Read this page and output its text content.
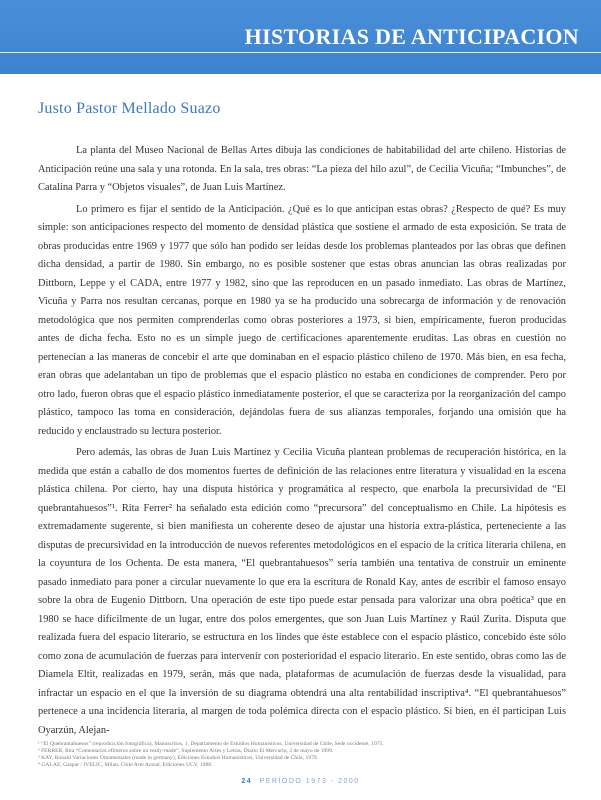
HISTORIAS DE ANTICIPACION
Justo Pastor Mellado Suazo

La planta del Museo Nacional de Bellas Artes dibuja las condiciones de habitabilidad del arte chileno. Historias de Anticipación reúne una sala y una rotonda. En la sala, tres obras: “La pieza del hilo azul”, de Cecilia Vicuña; “Imbunches”, de Catalina Parra y “Objetos visuales”, de Juan Luis Martínez.

Lo primero es fijar el sentido de la Anticipación. ¿Qué es lo que anticipan estas obras? ¿Respecto de qué? Es muy simple: son anticipaciones respecto del momento de densidad plástica que sostiene el armado de esta exposición. Se trata de obras producidas entre 1969 y 1977 que sólo han podido ser leídas desde los problemas planteados por las obras que definen dicha densidad, a partir de 1980. Sin embargo, no es posible sostener que estas obras anuncian las obras realizadas por Dittborn, Leppe y el CADA, entre 1977 y 1982, sino que las reproducen en un pasado inmediato. Las obras de Martínez, Vicuña y Parra nos resultan cercanas, porque en 1980 ya se ha producido una sobrecarga de información y de renovación metodológica que nos permiten comprenderlas como obras posteriores a 1973, si bien, empíricamente, fueron producidas antes de dicha fecha. Esto no es un simple juego de certificaciones aparentemente eruditas. Las obras en cuestión no pertenecían a las maneras de concebir el arte que dominaban en el espacio plástico chileno de 1970. Más bien, en esa fecha, eran obras que adelantaban un tipo de problemas que el espacio plástico no estaba en condiciones de comprender. Pero por otro lado, fueron obras que el espacio plástico inmediatamente posterior, el que se caracteriza por la reorganización del campo plástico, tampoco las toma en consideración, dejándolas fuera de sus alianzas temporales, forjando una omisión que ha reducido y enclaustrado su lectura posterior.

Pero además, las obras de Juan Luis Martínez y Cecilia Vicuña plantean problemas de recuperación histórica, en la medida que están a caballo de dos momentos fuertes de definición de las relaciones entre literatura y visualidad en la escena plástica chilena. Por cierto, hay una disputa histórica y programática al respecto, que enarbola la precursividad de “El quebrantahuesos”¹. Rita Ferrer² ha señalado esta edición como “precursora” del conceptualismo en Chile. La hipótesis es extremadamente sugerente, si bien manifiesta un coherente deseo de ajustar una historia extra-plástica, perteneciente a las disputas de precursividad en la introducción de nuevos referentes metodológicos en el espacio de la crítica literaria chilena, en la coyuntura de los Ochenta. De esta manera, “El quebrantahuesos” sería también una tentativa de construir un eminente pasado inmediato para poner a circular nuevamente lo que era la escritura de Ronald Kay, antes de escribir el famoso ensayo sobre la obra de Eugenio Dittborn. Una operación de este tipo puede estar pensada para valorizar una obra poética³ que en 1980 se hace difícilmente de un lugar, entre dos polos emergentes, que son Juan Luis Martínez y Raúl Zurita. Disputa que realizada fuera del espacio literario, se estructura en los lindes que éste establece con el espacio plástico, concebido éste sólo como zona de acumulación de fuerzas para intervenir con posterioridad el espacio literario. En este sentido, obras como las de Diamela Eltit, realizadas en 1979, serán, más que nada, plataformas de acumulación de fuerzas desde la visualidad, para infractar un espacio en el que la inversión de su diagrama obtendrá una alta rentabilidad inscriptiva⁴. “El quebrantahuesos” pertenece a una incidencia literaria, al margen de toda polémica directa con el espacio plástico. Si bien, en él participan Luis Oyarzún, Alejan-

¹ “El Quebrantahuesos” (reproducción fotográfica), Manuscritos, 1, Departamento de Estudios Humanísticos, Universidad de Chile, Sede occidente, 1975.
² FERRER, Rita “Comentarios efímeros sobre un ready-made”, Suplemento Artes y Letras, Diario El Mercurio, 2 de mayo de 1999.
³ KAY, Ronald Variaciones Ornamentales (made in germany), Ediciones Estudios Humanísticos, Universidad de Chile, 1979.
⁴ GALAZ, Gaspar / IVELIC, Milan, Chile Arte Actual, Ediciones UCV, 1988.
24 PERÍODO 1973 - 2000
